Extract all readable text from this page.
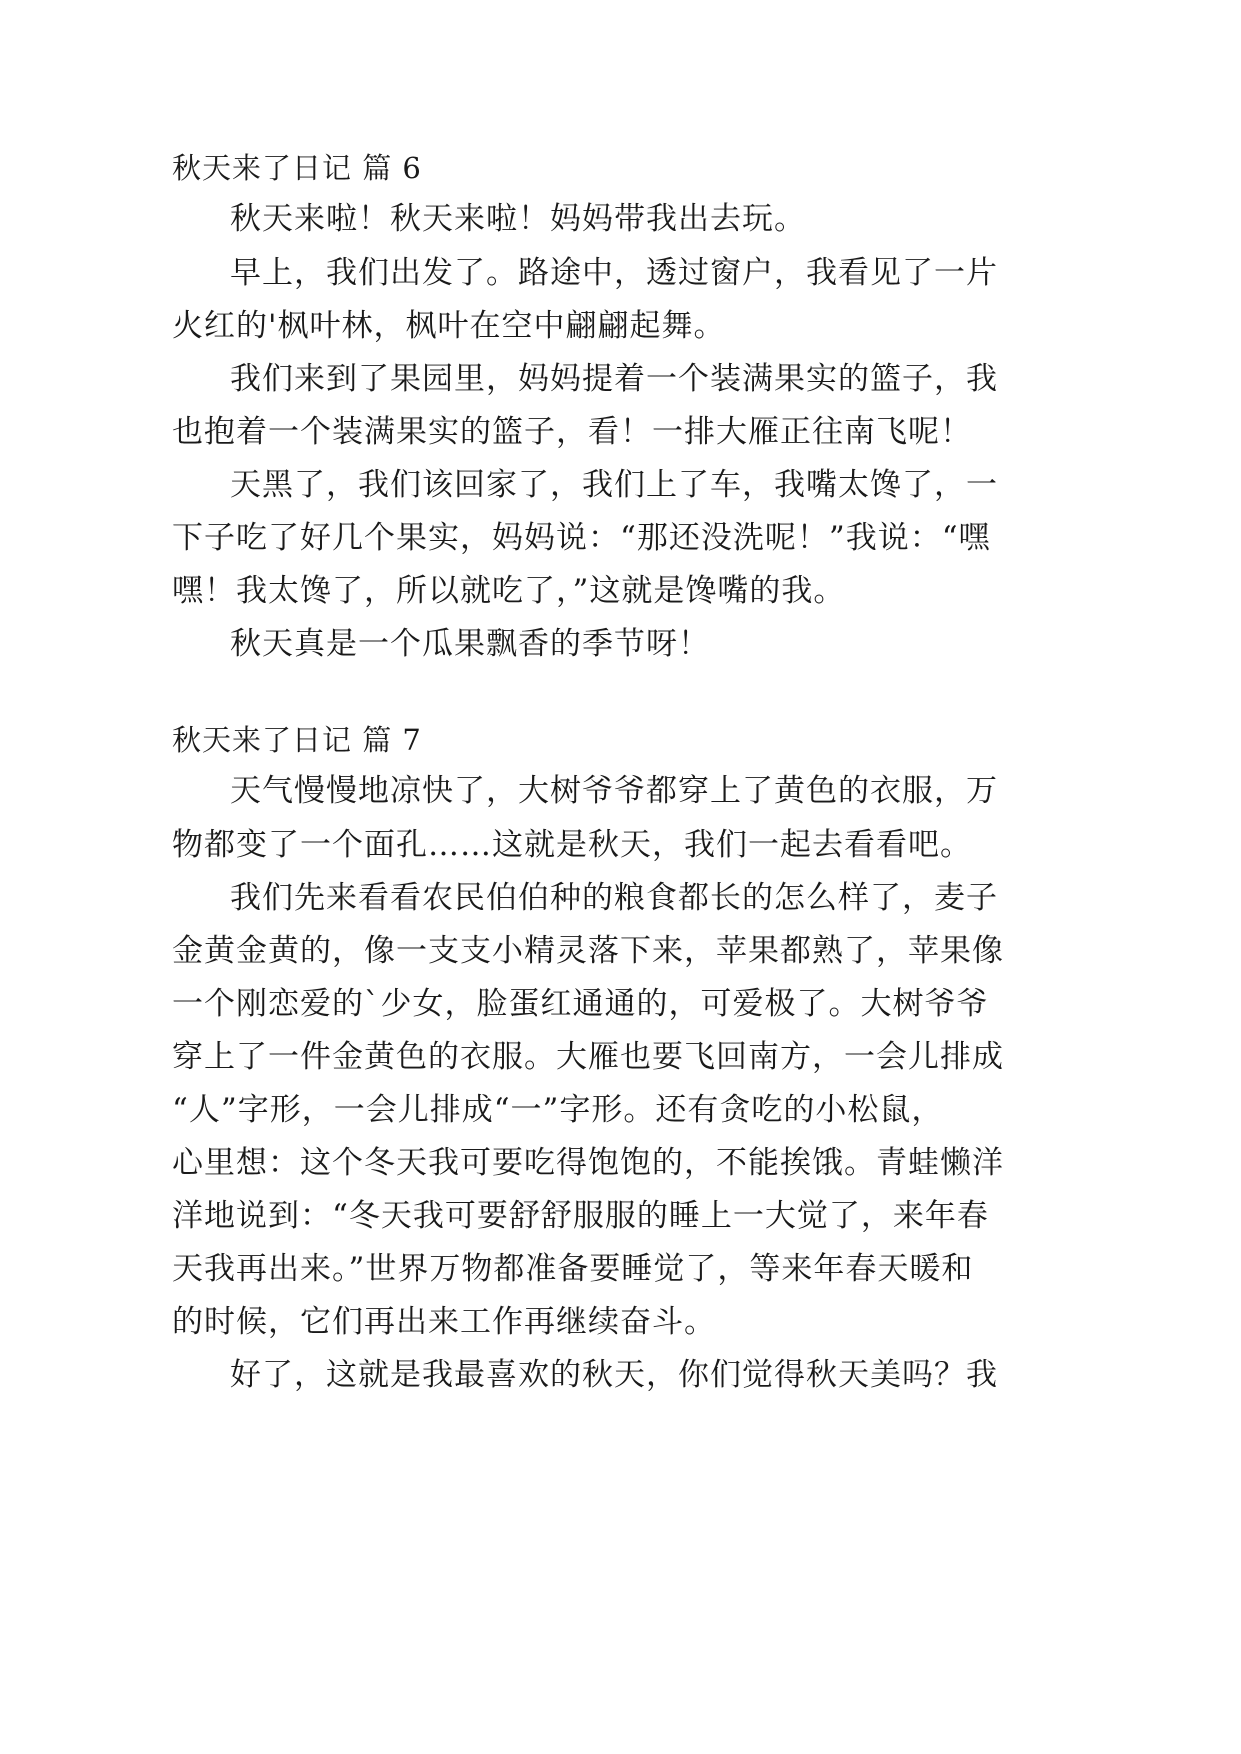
秋天来了日记 篇 6
秋天来啦！秋天来啦！妈妈带我出去玩。
早上，我们出发了。路途中，透过窗户，我看见了一片
火红的'枫叶林，枫叶在空中翩翩起舞。
我们来到了果园里，妈妈提着一个装满果实的篮子，我
也抱着一个装满果实的篮子，看！一排大雁正往南飞呢！
天黑了，我们该回家了，我们上了车，我嘴太馋了，一
下子吃了好几个果实，妈妈说：“那还没洗呢！”我说：“嘿
嘿！我太馋了，所以就吃了，”这就是馋嘴的我。
秋天真是一个瓜果飘香的季节呀！
秋天来了日记 篇 7
天气慢慢地凉快了，大树爷爷都穿上了黄色的衣服，万
物都变了一个面孔……这就是秋天，我们一起去看看吧。
我们先来看看农民伯伯种的粮食都长的怎么样了，麦子
金黄金黄的，像一支支小精灵落下来，苹果都熟了，苹果像
一个刚恋爱的`少女，脸蛋红通通的，可爱极了。大树爷爷
穿上了一件金黄色的衣服。大雁也要飞回南方，一会儿排成
“人”字形，一会儿排成“一”字形。还有贪吃的小松鼠，
心里想：这个冬天我可要吃得饱饱的，不能挨饿。青蛙懒洋
洋地说到：“冬天我可要舒舒服服的睡上一大觉了，来年春
天我再出来。”世界万物都准备要睡觉了，等来年春天暖和
的时候，它们再出来工作再继续奋斗。
好了，这就是我最喜欢的秋天，你们觉得秋天美吗？我
